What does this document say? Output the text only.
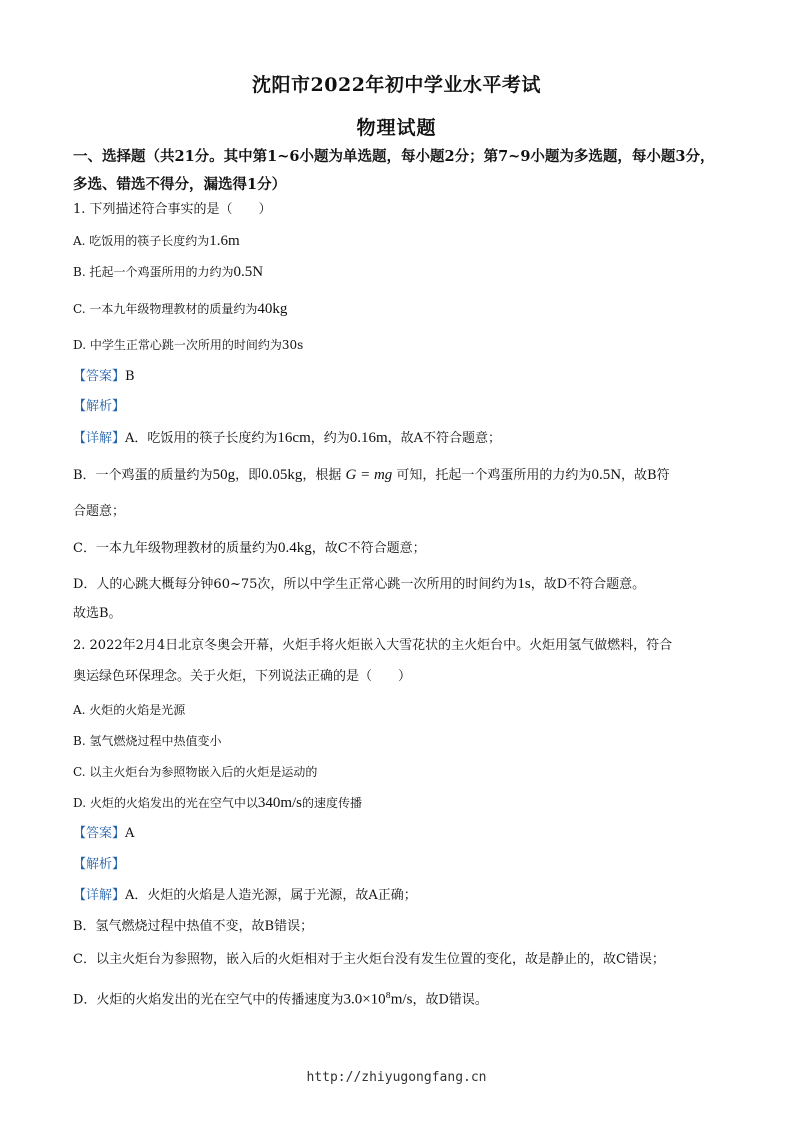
沈阳市2022年初中学业水平考试
物理试题
一、选择题（共21分。其中第1~6小题为单选题，每小题2分；第7~9小题为多选题，每小题3分，多选、错选不得分，漏选得1分）
1. 下列描述符合事实的是（　　）
A. 吃饭用的筷子长度约为1.6m
B. 托起一个鸡蛋所用的力约为0.5N
C. 一本九年级物理教材的质量约为40kg
D. 中学生正常心跳一次所用的时间约为30s
【答案】B
【解析】
【详解】A．吃饭用的筷子长度约为16cm，约为0.16m，故A不符合题意；
B．一个鸡蛋的质量约为50g，即0.05kg，根据 G = mg 可知，托起一个鸡蛋所用的力约为0.5N，故B符
合题意；
C．一本九年级物理教材的质量约为0.4kg，故C不符合题意；
D．人的心跳大概每分钟60~75次，所以中学生正常心跳一次所用的时间约为1s，故D不符合题意。
故选B。
2. 2022年2月4日北京冬奥会开幕，火炬手将火炬嵌入大雪花状的主火炬台中。火炬用氢气做燃料，符合
奥运绿色环保理念。关于火炬，下列说法正确的是（　　）
A. 火炬的火焰是光源
B. 氢气燃烧过程中热值变小
C. 以主火炬台为参照物嵌入后的火炬是运动的
D. 火炬的火焰发出的光在空气中以340m/s的速度传播
【答案】A
【解析】
【详解】A．火炬的火焰是人造光源，属于光源，故A正确；
B．氢气燃烧过程中热值不变，故B错误；
C．以主火炬台为参照物，嵌入后的火炬相对于主火炬台没有发生位置的变化，故是静止的，故C错误；
D．火炬的火焰发出的光在空气中的传播速度为$3.0\times 10^8m/s$，故D错误。
http://zhiyugongfang.cn
